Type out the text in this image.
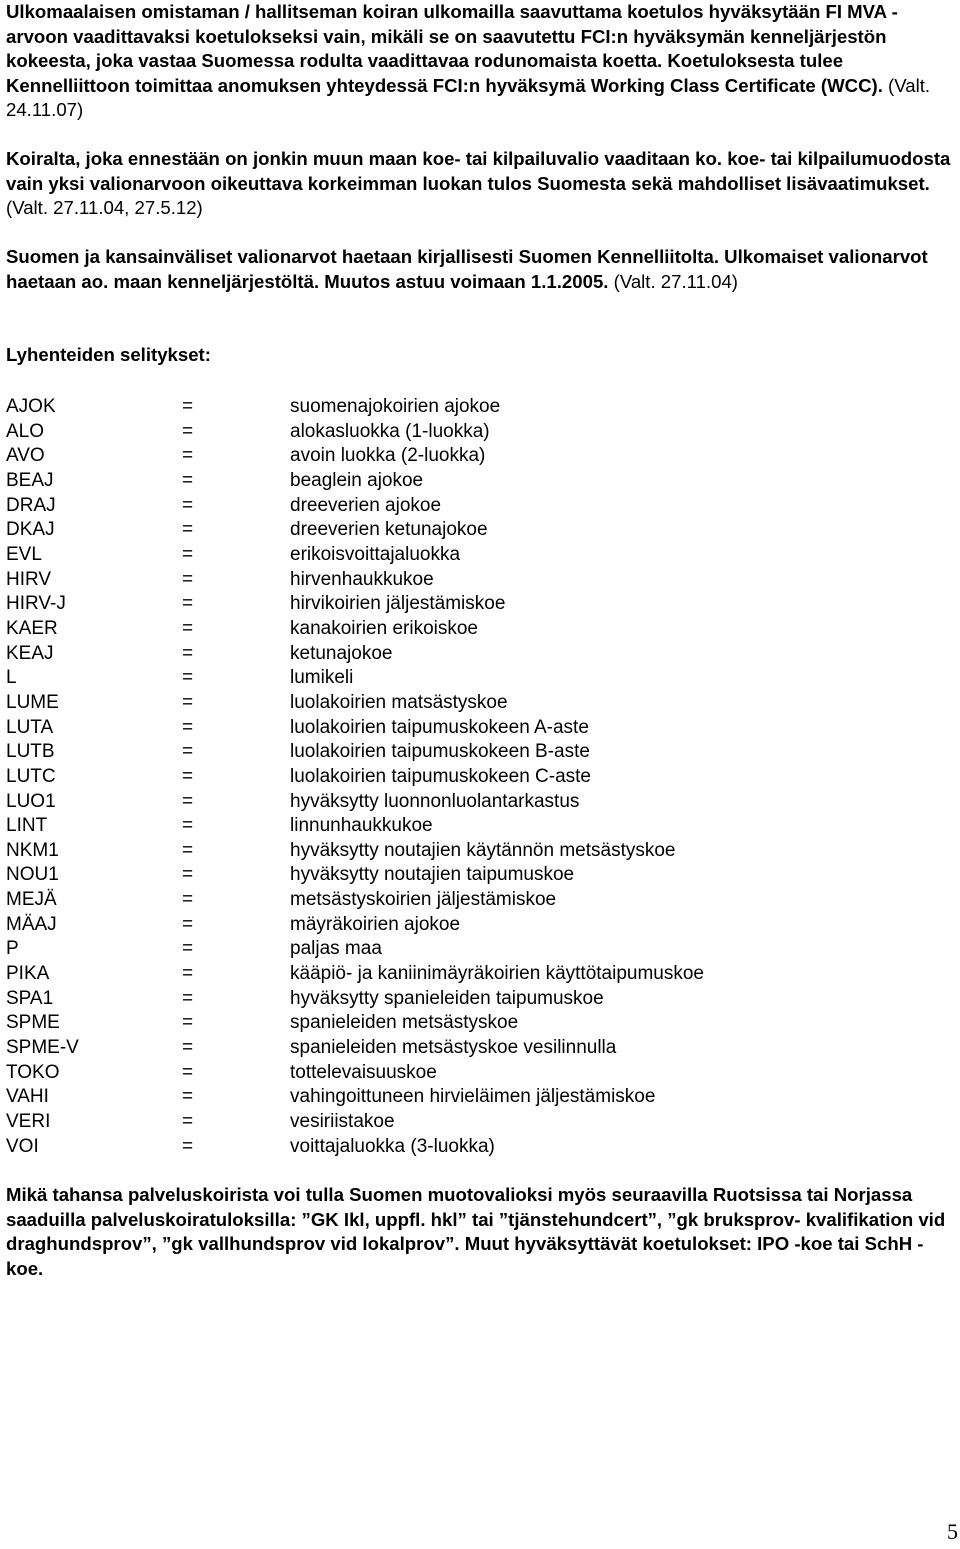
Ulkomaalaisen omistaman / hallitseman koiran ulkomailla saavuttama koetulos hyväksytään FI MVA -arvoon vaadittavaksi koetulokseksi vain, mikäli se on saavutettu FCI:n hyväksymän kenneljärjestön kokeesta, joka vastaa Suomessa rodulta vaadittavaa rodunomaista koetta. Koetuloksesta tulee Kennelliittoon toimittaa anomuksen yhteydessä FCI:n hyväksymä Working Class Certificate (WCC). (Valt. 24.11.07)

Koiralta, joka ennestään on jonkin muun maan koe- tai kilpailuvalio vaaditaan ko. koe- tai kilpailumuodosta vain yksi valionarvoon oikeuttava korkeimman luokan tulos Suomesta sekä mahdolliset lisävaatimukset. (Valt. 27.11.04, 27.5.12)

Suomen ja kansainväliset valionarvot haetaan kirjallisesti Suomen Kennelliitolta. Ulkomaiset valionarvot haetaan ao. maan kenneljärjestöltä. Muutos astuu voimaan 1.1.2005. (Valt. 27.11.04)

Lyhenteiden selitykset:

AJOK	=	suomenajokoirien ajokoe
ALO	=	alokasluokka (1-luokka)
AVO	=	avoin luokka (2-luokka)
BEAJ	=	beaglein ajokoe
DRAJ	=	dreeverien ajokoe
DKAJ	=	dreeverien ketunajokoe
EVL	=	erikoisvoittajaluokka
HIRV	=	hirvenhaukkukoe
HIRV-J	=	hirvikoirien jäljestämiskoe
KAER	=	kanakoirien erikoiskoe
KEAJ	=	ketunajokoe
L	=	lumikeli
LUME	=	luolakoirien matsästyskoe
LUTA	=	luolakoirien taipumuskokeen A-aste
LUTB	=	luolakoirien taipumuskokeen B-aste
LUTC	=	luolakoirien taipumuskokeen C-aste
LUO1	=	hyväksytty luonnonluolantarkastus
LINT	=	linnunhaukkukoe
NKM1	=	hyväksytty noutajien käytännön metsästyskoe
NOU1	=	hyväksytty noutajien taipumuskoe
MEJÄ	=	metsästyskoirien jäljestämiskoe
MÄAJ	=	mäyräkoirien ajokoe
P	=	paljas maa
PIKA	=	kääpiö- ja kaniinimäyräkoirien käyttötaipumuskoe
SPA1	=	hyväksytty spanieleiden taipumuskoe
SPME	=	spanieleiden metsästyskoe
SPME-V	=	spanieleiden metsästyskoe vesilinnulla
TOKO	=	tottelevaisuuskoe
VAHI	=	vahingoittuneen hirvieläimen jäljestämiskoe
VERI	=	vesiriistakoe
VOI	=	voittajaluokka (3-luokka)

Mikä tahansa palveluskoirista voi tulla Suomen muotovalioksi myös seuraavilla Ruotsissa tai Norjassa saaduilla palveluskoiratuloksilla: ”GK Ikl, uppfl. hkl” tai ”tjänstehundcert”, ”gk bruksprov- kvalifikation vid draghundsprov”, ”gk vallhundsprov vid lokalprov”. Muut hyväksyttävät koetulokset: IPO -koe tai SchH -koe.

5
